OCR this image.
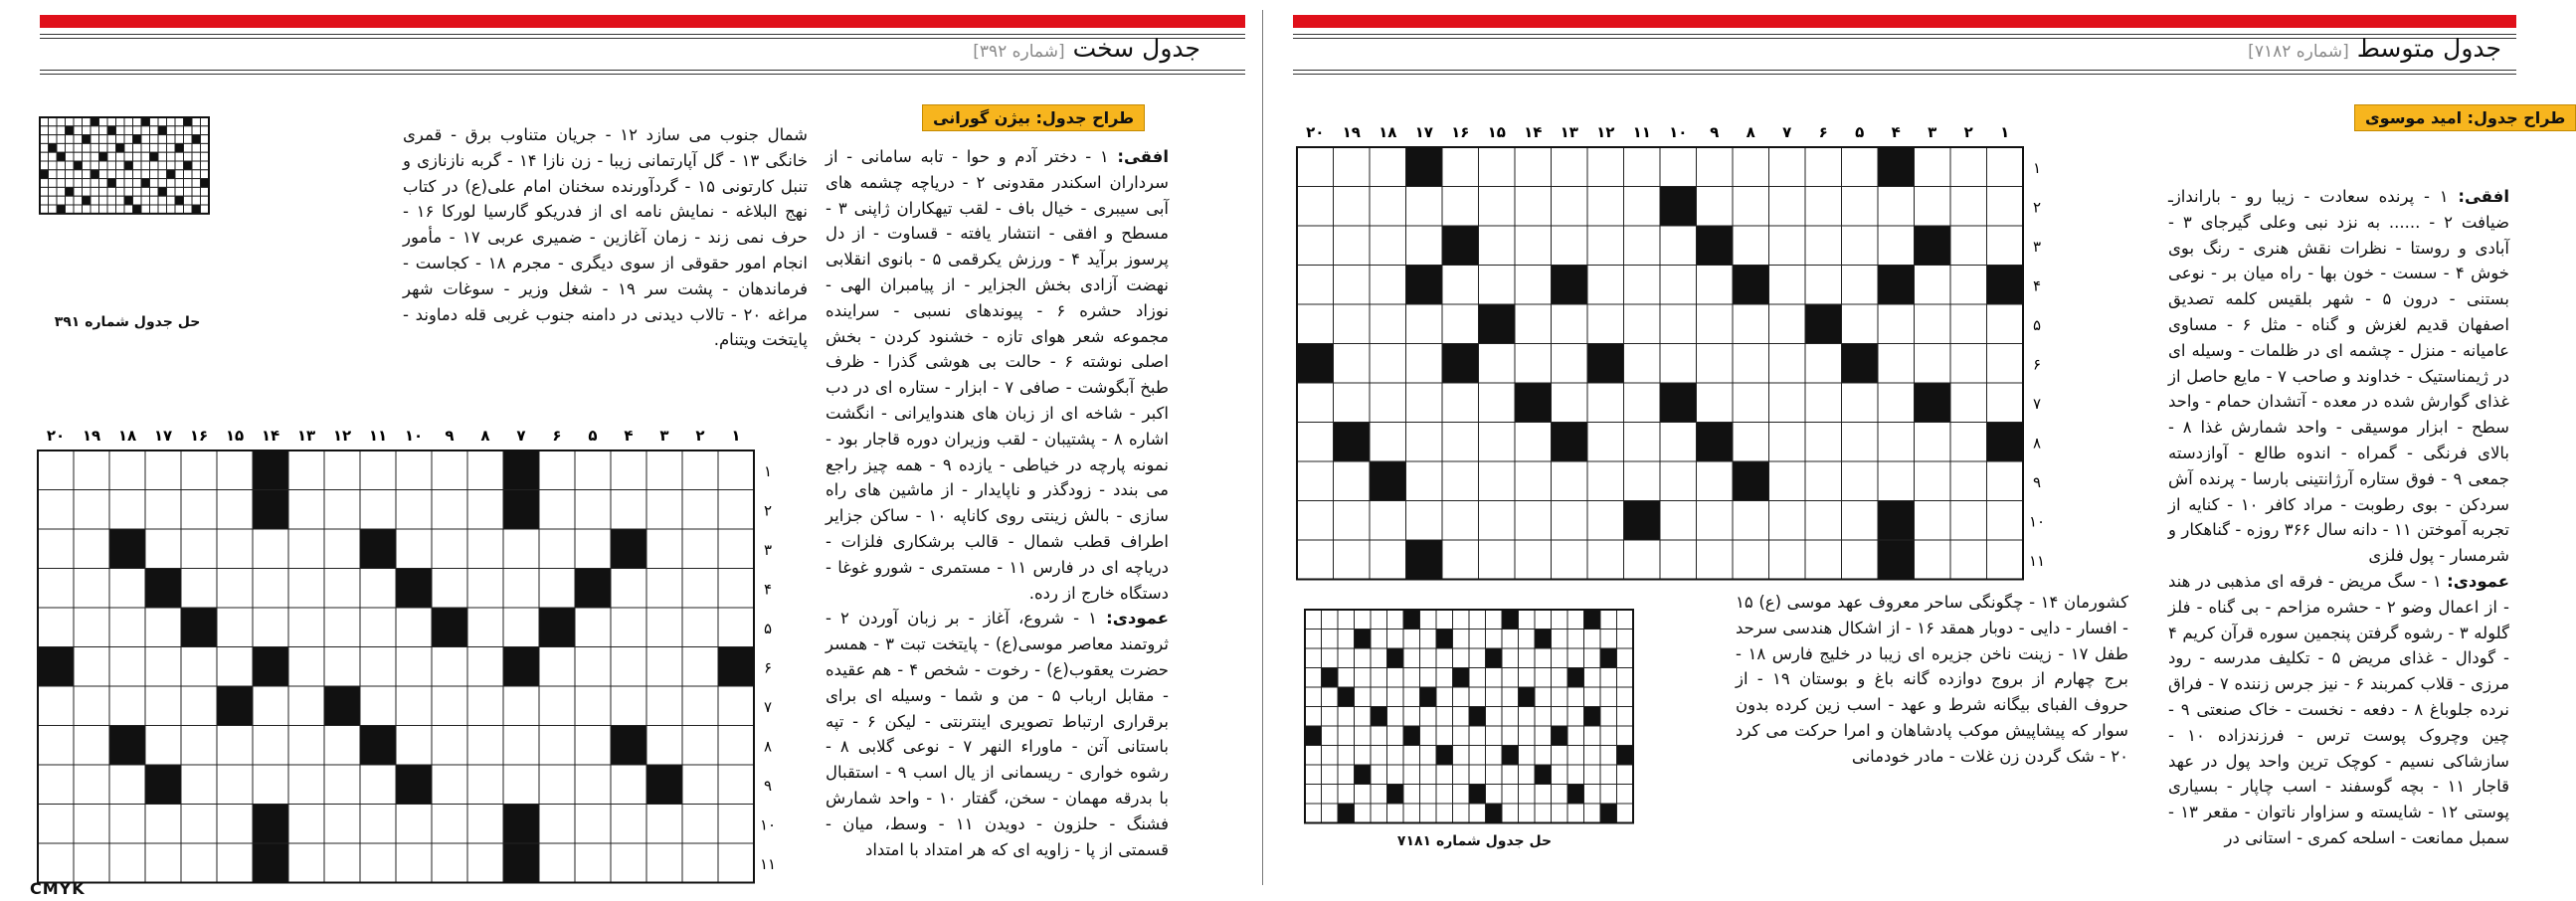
جدول سخت [شماره ۳۹۲]
حل جدول شماره ۳۹۱
شمال جنوب می سازد ۱۲ - جریان متناوب برق - قمری خانگی ۱۳ - گل آپارتمانی زیبا - زن نازا ۱۴ - گربه نازنازی و تنبل کارتونی ۱۵ - گردآورنده سخنان امام علی(ع) در کتاب نهج البلاغه - نمایش نامه ای از فدریکو گارسیا لورکا ۱۶ - حرف نمی زند - زمان آغازین - ضمیری عربی ۱۷ - مأمور انجام امور حقوقی از سوی دیگری - مجرم ۱۸ - کجاست - فرماندهان - پشت سر ۱۹ - شغل وزیر - سوغات شهر مراغه ۲۰ - تالاب دیدنی در دامنه جنوب غربی قله دماوند - پایتخت ویتنام.
طراح جدول: بیژن گورانی
افقی: ۱ - دختر آدم و حوا - تابه سامانی - از سرداران اسکندر مقدونی ۲ - دریاچه چشمه های آبی سیبری - خیال باف - لقب تیهکاران ژاپنی ۳ - مسطح و افقی - انتشار یافته - قساوت - از دل پرسوز برآید ۴ - ورزش یکرقمی ۵ - بانوی انقلابی نهضت آزادی بخش الجزایر - از پیامبران الهی - نوزاد حشره ۶ - پیوندهای نسبی - سراینده مجموعه شعر هوای تازه - خشنود کردن - بخش اصلی نوشته ۶ - حالت بی هوشی گذرا - ظرف طبخ آبگوشت - صافی ۷ - ابزار - ستاره ای در دب اکبر - شاخه ای از زبان های هندوایرانی - انگشت اشاره ۸ - پشتیبان - لقب وزیران دوره قاجار بود - نمونه پارچه در خیاطی - یازده ۹ - همه چیز راجع می بندد - زودگذر و ناپایدار - از ماشین های راه سازی - بالش زینتی روی کاناپه ۱۰ - ساکن جزایر اطراف قطب شمال - قالب برشکاری فلزات - دریاچه ای در فارس ۱۱ - مستمری - شورو غوغا - دستگاه خارج از رده.
عمودی: ۱ - شروع، آغاز - بر زبان آوردن ۲ - ثروتمند معاصر موسی(ع) - پایتخت تبت ۳ - همسر حضرت یعقوب(ع) - رخوت - شخص ۴ - هم عقیده - مقابل ارباب ۵ - من و شما - وسیله ای برای برقراری ارتباط تصویری اینترنتی - لیکن ۶ - تپه باستانی آتن - ماوراء النهر ۷ - نوعی گلابی ۸ - رشوه خواری - ریسمانی از یال اسب ۹ - استقبال با بدرقه مهمان - سخن، گفتار ۱۰ - واحد شمارش فشنگ - حلزون - دویدن ۱۱ - وسط، میان - قسمتی از پا - زاویه ای که هر امتداد با امتداد
۱
۲
۳
۴
۵
۶
۷
۸
۹
۱۰
۱۱
۱۲
۱۳
۱۴
۱۵
۱۶
۱۷
۱۸
۱۹
۲۰
۱
۲
۳
۴
۵
۶
۷
۸
۹
۱۰
۱۱
CMYK
جدول متوسط [شماره ۷۱۸۲]
طراح جدول: امید موسوی
۱
۲
۳
۴
۵
۶
۷
۸
۹
۱۰
۱۱
۱۲
۱۳
۱۴
۱۵
۱۶
۱۷
۱۸
۱۹
۲۰
۱
۲
۳
۴
۵
۶
۷
۸
۹
۱۰
۱۱
افقی: ۱ - پرنده سعادت - زیبا رو - باراندازـ ضیافت ۲ - ...... به نزد نبی وعلی گیرجای ۳ - آبادی و روستا - نظرات نقش هنری - رنگ بوی خوش ۴ - سست - خون بها - راه میان بر - نوعی بستنی - درون ۵ - شهر بلقیس کلمه تصدیق اصفهان قدیم لغزش و گناه - مثل ۶ - مساوی عامیانه - منزل - چشمه ای در ظلمات - وسیله ای در ژیمناستیک - خداوند و صاحب ۷ - مایع حاصل از غذای گوارش شده در معده - آتشدان حمام - واحد سطح - ابزار موسیقی - واحد شمارش غذا ۸ - بالای فرنگی - گمراه - اندوه طالع - آوازدسته جمعی ۹ - فوق ستاره آرژانتینی بارسا - پرنده آش سردکن - بوی رطوبت - مراد کافر ۱۰ - کنایه از تجربه آموختن ۱۱ - دانه سال ۳۶۶ روزه - گناهکار و شرمسار - پول فلزی
عمودی: ۱ - سگ مریض - فرقه ای مذهبی در هند - از اعمال وضو ۲ - حشره مزاحم - بی گناه - فلز گلوله ۳ - رشوه گرفتن پنجمین سوره قرآن کریم ۴ - گودال - غذای مریض ۵ - تکلیف مدرسه - رود مرزی - قلاب کمربند ۶ - نیز جرس زننده ۷ - فراق نرده جلوباغ ۸ - دفعه - نخست - خاک صنعتی ۹ - چین وچروک پوست ترس - فرزندزاده ۱۰ - سازشاکی نسیم - کوچک ترین واحد پول در عهد قاجار ۱۱ - بچه گوسفند - اسب چاپار - بسیاری پوستی ۱۲ - شایسته و سزاوار ناتوان - مقعر ۱۳ - سمبل ممانعت - اسلحه کمری - استانی در
کشورمان ۱۴ - چگونگی ساحر معروف عهد موسی (ع) ۱۵ - افسار - دایی - دوبار همقد ۱۶ - از اشکال هندسی سرحد طفل ۱۷ - زینت ناخن جزیره ای زیبا در خلیج فارس ۱۸ - برج چهارم از بروج دوازده گانه باغ و بوستان ۱۹ - از حروف الفبای بیگانه شرط و عهد - اسب زین کرده بدون سوار که پیشاپیش موکب پادشاهان و امرا حرکت می کرد ۲۰ - شک گردن زن غلات - مادر خودمانی
حل جدول شماره ۷۱۸۱
